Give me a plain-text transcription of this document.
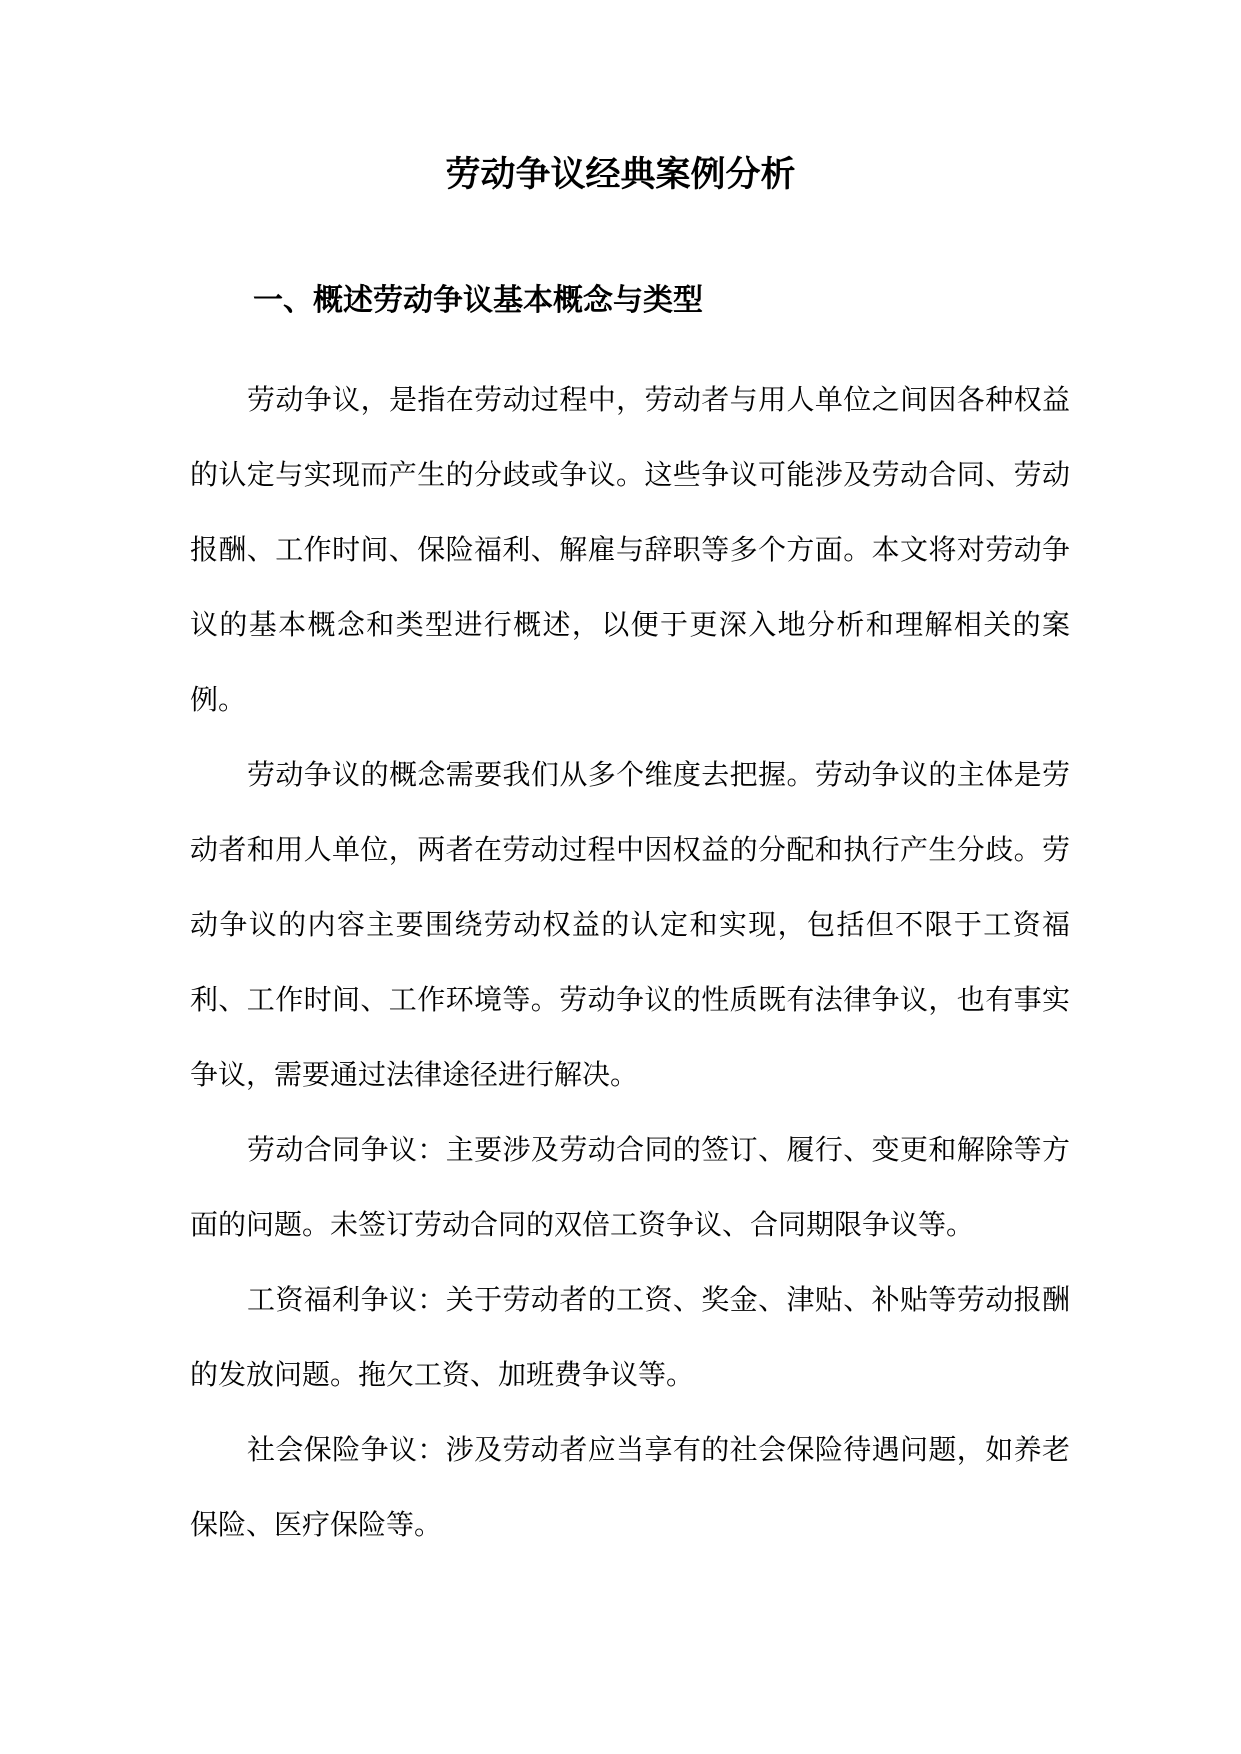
劳动争议经典案例分析
一、概述劳动争议基本概念与类型

劳动争议，是指在劳动过程中，劳动者与用人单位之间因各种权益的认定与实现而产生的分歧或争议。这些争议可能涉及劳动合同、劳动报酬、工作时间、保险福利、解雇与辞职等多个方面。本文将对劳动争议的基本概念和类型进行概述，以便于更深入地分析和理解相关的案例。

劳动争议的概念需要我们从多个维度去把握。劳动争议的主体是劳动者和用人单位，两者在劳动过程中因权益的分配和执行产生分歧。劳动争议的内容主要围绕劳动权益的认定和实现，包括但不限于工资福利、工作时间、工作环境等。劳动争议的性质既有法律争议，也有事实争议，需要通过法律途径进行解决。

劳动合同争议：主要涉及劳动合同的签订、履行、变更和解除等方面的问题。未签订劳动合同的双倍工资争议、合同期限争议等。

工资福利争议：关于劳动者的工资、奖金、津贴、补贴等劳动报酬的发放问题。拖欠工资、加班费争议等。

社会保险争议：涉及劳动者应当享有的社会保险待遇问题，如养老保险、医疗保险等。
